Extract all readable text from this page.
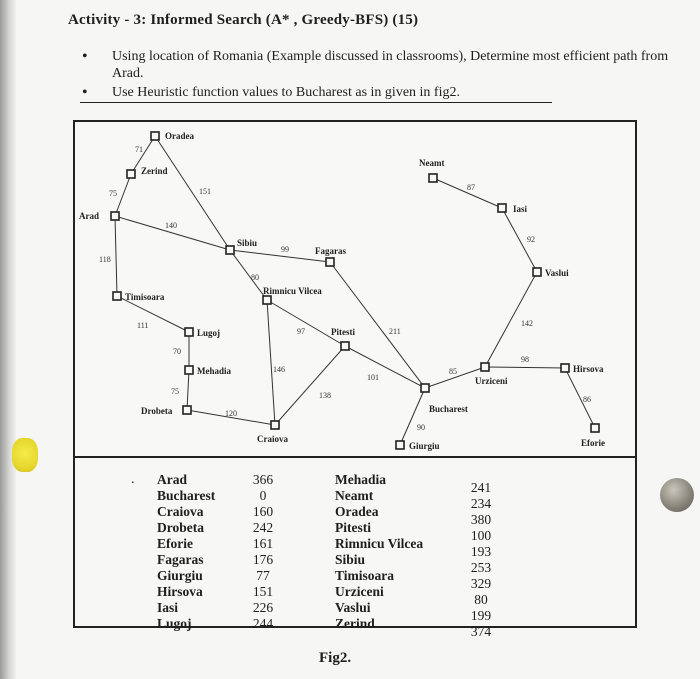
Activity - 3: Informed Search (A* , Greedy-BFS) (15)
• Using location of Romania (Example discussed in classrooms), Determine most efficient path from Arad.
• Use Heuristic function values to Bucharest as in given in fig2.
Oradea
Zerind
Arad
Sibiu
Fagaras
Timisoara
Rimnicu Vilcea
Lugoj	Pitesti
Mehadia
Drobeta
Craiova
Bucharest
Giurgiu
Urziceni
Hirsova
Eforie
Vaslui
Iasi
Neamt
71
75	151
140
118
99
80
111
70
75
120
97
146
138
101
211
90
85
98
86
142
92
87
. Arad
Bucharest
Craiova
Drobeta
Eforie
Fagaras
Giurgiu
Hirsova
Iasi
Lugoj
366
0
160
242
161
176
77
151
226
244
Mehadia
Neamt
Oradea
Pitesti
Rimnicu Vilcea
Sibiu
Timisoara
Urziceni
Vaslui
Zerind
241
234
380
100
193
253
329
80
199
374
Fig2.
